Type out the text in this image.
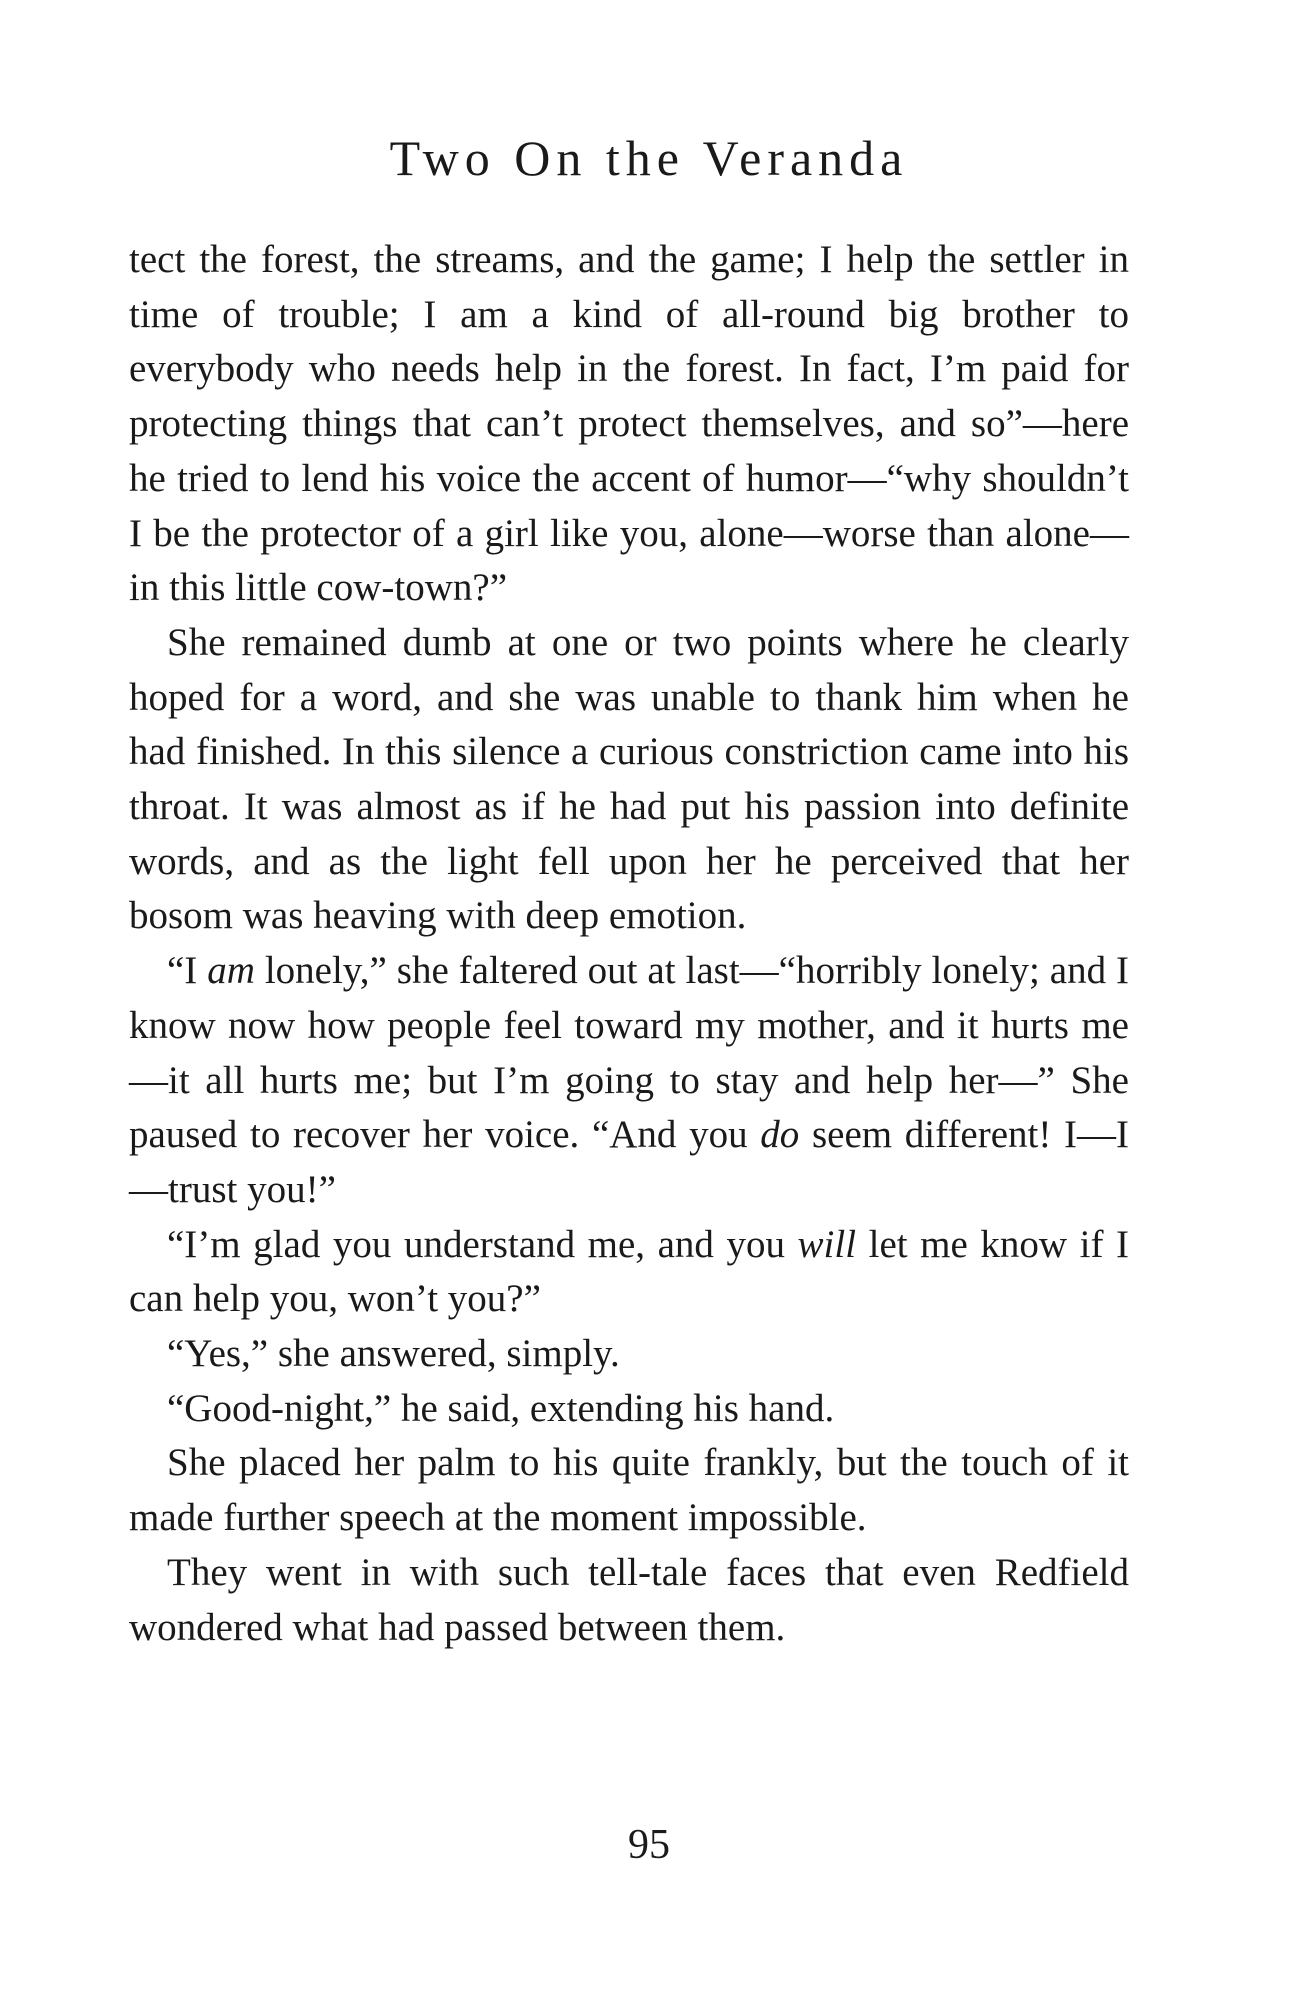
Two On the Veranda

tect the forest, the streams, and the game; I help the settler in time of trouble; I am a kind of all-round big brother to everybody who needs help in the forest. In fact, I’m paid for protecting things that can’t protect themselves, and so”—here he tried to lend his voice the accent of humor—“why shouldn’t I be the protector of a girl like you, alone—worse than alone—in this little cow-town?”

She remained dumb at one or two points where he clearly hoped for a word, and she was unable to thank him when he had finished. In this silence a curious constriction came into his throat. It was almost as if he had put his passion into definite words, and as the light fell upon her he perceived that her bosom was heaving with deep emotion.

“I am lonely,” she faltered out at last—“horribly lonely; and I know now how people feel toward my mother, and it hurts me—it all hurts me; but I’m going to stay and help her—” She paused to recover her voice. “And you do seem different! I—I—trust you!”

“I’m glad you understand me, and you will let me know if I can help you, won’t you?”

“Yes,” she answered, simply.

“Good-night,” he said, extending his hand.

She placed her palm to his quite frankly, but the touch of it made further speech at the moment impossible.

They went in with such tell-tale faces that even Redfield wondered what had passed between them.

95
